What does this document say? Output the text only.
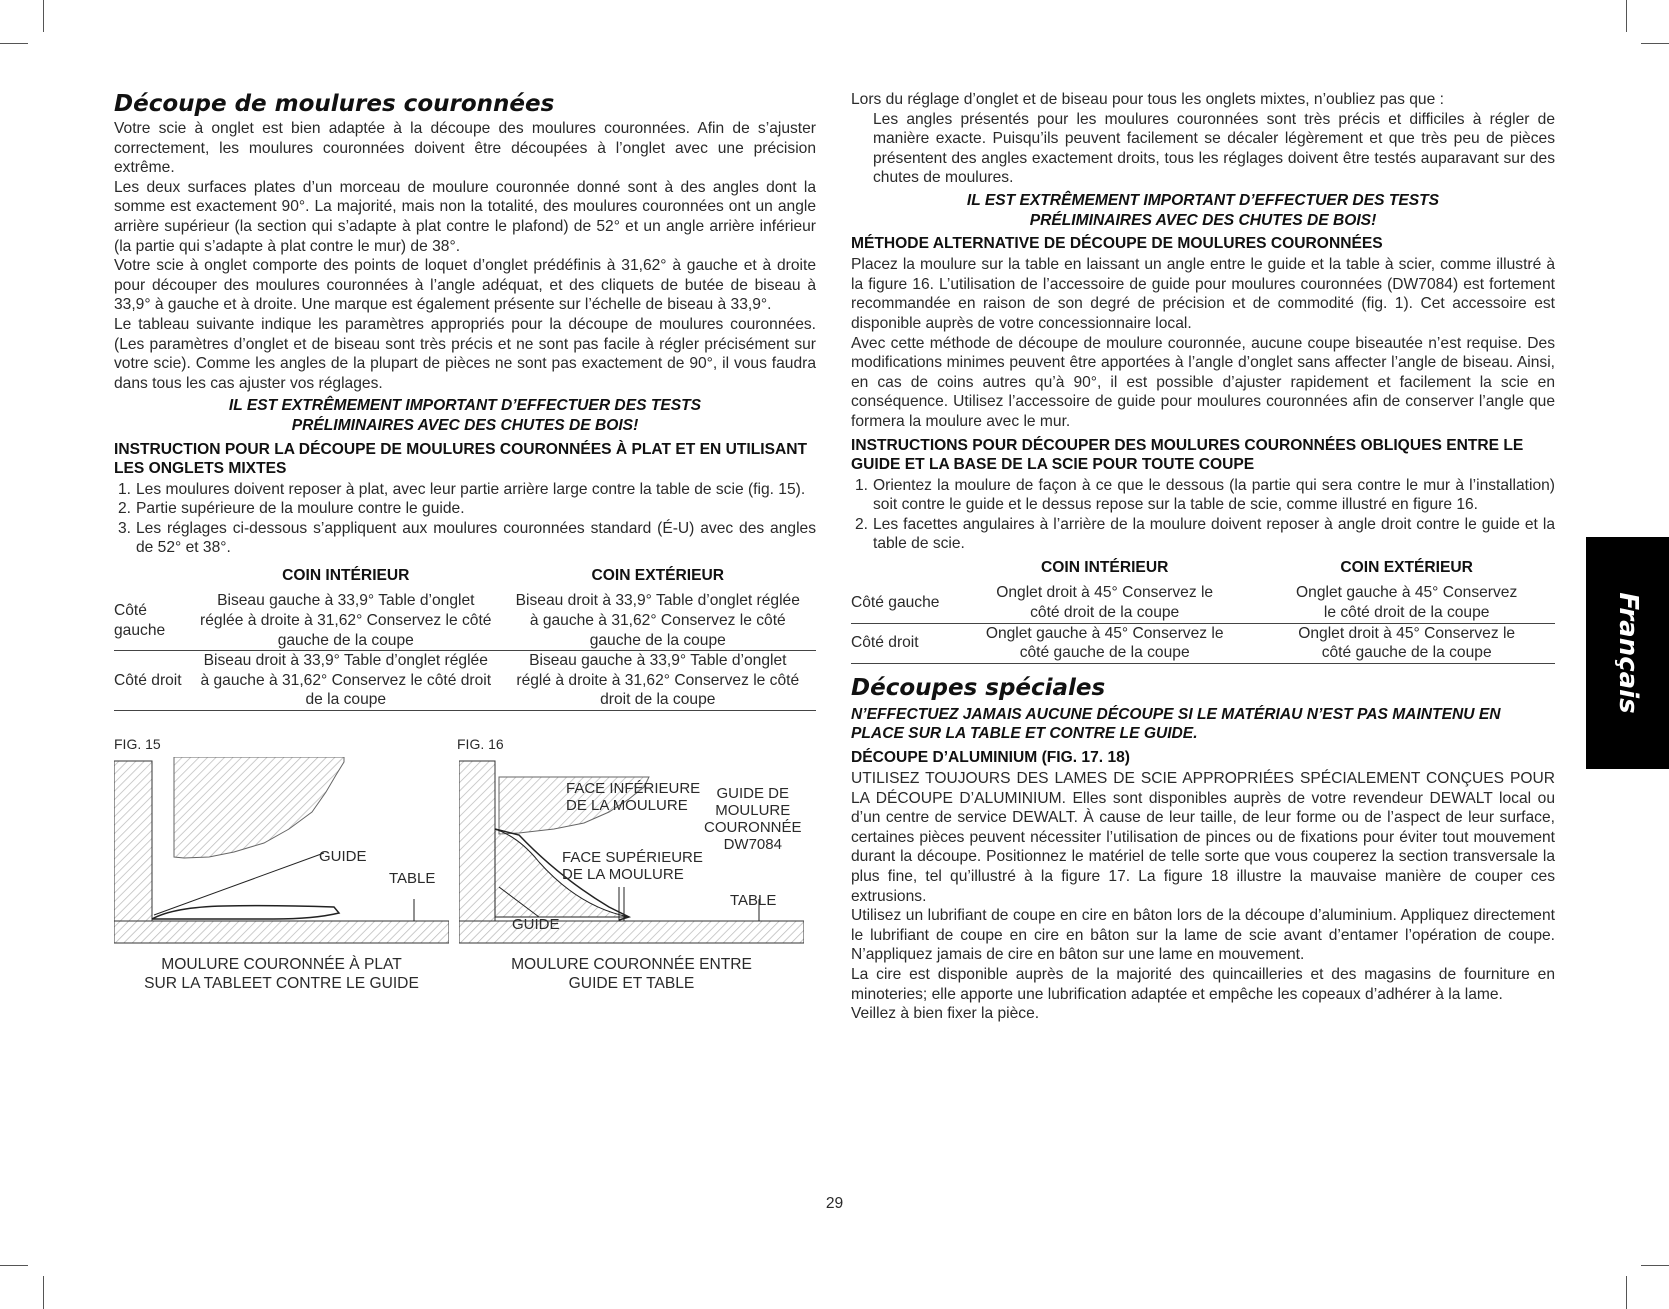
Découpe de moulures couronnées

Votre scie à onglet est bien adaptée à la découpe des moulures couronnées. Afin de s’ajuster correctement, les moulures couronnées doivent être découpées à l’onglet avec une précision extrême.

Les deux surfaces plates d’un morceau de moulure couronnée donné sont à des angles dont la somme est exactement 90°. La majorité, mais non la totalité, des moulures couronnées ont un angle arrière supérieur (la section qui s’adapte à plat contre le plafond) de 52° et un angle arrière inférieur (la partie qui s’adapte à plat contre le mur) de 38°.

Votre scie à onglet comporte des points de loquet d’onglet prédéfinis à 31,62° à gauche et à droite pour découper des moulures couronnées à l’angle adéquat, et des cliquets de butée de biseau à 33,9° à gauche et à droite. Une marque est également présente sur l’échelle de biseau à 33,9°.

Le tableau suivante indique les paramètres appropriés pour la découpe de moulures couronnées. (Les paramètres d’onglet et de biseau sont très précis et ne sont pas facile à régler précisément sur votre scie). Comme les angles de la plupart de pièces ne sont pas exactement de 90°, il vous faudra dans tous les cas ajuster vos réglages.

IL EST EXTRÊMEMENT IMPORTANT D’EFFECTUER DES TESTS
PRÉLIMINAIRES AVEC DES CHUTES DE BOIS!
INSTRUCTION POUR LA DÉCOUPE DE MOULURES COURONNÉES À PLAT ET EN UTILISANT LES ONGLETS MIXTES
1. Les moulures doivent reposer à plat, avec leur partie arrière large contre la table de scie (fig. 15).
2. Partie supérieure de la moulure contre le guide.
3. Les réglages ci-dessous s’appliquent aux moulures couronnées standard (É-U) avec des angles de 52° et 38°.
	COIN INTÉRIEUR	COIN EXTÉRIEUR
Côté gauche	Biseau gauche à 33,9° Table d’onglet réglée à droite à 31,62° Conservez le côté gauche de la coupe	Biseau droit à 33,9° Table d’onglet réglée à gauche à 31,62° Conservez le côté gauche de la coupe
Côté droit	Biseau droit à 33,9° Table d’onglet réglée à gauche à 31,62° Conservez le côté droit de la coupe	Biseau gauche à 33,9° Table d’onglet réglé à droite à 31,62° Conservez le côté droit de la coupe
FIG. 15
GUIDE
TABLE
MOULURE COURONNÉE À PLAT
SUR LA TABLEET CONTRE LE GUIDE
FIG. 16
FACE INFÉRIEURE
DE LA MOULURE
FACE SUPÉRIEURE
DE LA MOULURE
GUIDE DE
MOULURE
COURONNÉE
DW7084
TABLE
GUIDE
MOULURE COURONNÉE ENTRE
GUIDE ET TABLE

Lors du réglage d’onglet et de biseau pour tous les onglets mixtes, n’oubliez pas que :

Les angles présentés pour les moulures couronnées sont très précis et difficiles à régler de manière exacte. Puisqu’ils peuvent facilement se décaler légèrement et que très peu de pièces présentent des angles exactement droits, tous les réglages doivent être testés auparavant sur des chutes de moulures.

IL EST EXTRÊMEMENT IMPORTANT D’EFFECTUER DES TESTS
PRÉLIMINAIRES AVEC DES CHUTES DE BOIS!
MÉTHODE ALTERNATIVE DE DÉCOUPE DE MOULURES COURONNÉES

Placez la moulure sur la table en laissant un angle entre le guide et la table à scier, comme illustré à la figure 16. L’utilisation de l’accessoire de guide pour moulures couronnées (DW7084) est fortement recommandée en raison de son degré de précision et de commodité (fig. 1). Cet accessoire est disponible auprès de votre concessionnaire local.

Avec cette méthode de découpe de moulure couronnée, aucune coupe biseautée n’est requise. Des modifications minimes peuvent être apportées à l’angle d’onglet sans affecter l’angle de biseau. Ainsi, en cas de coins autres qu’à 90°, il est possible d’ajuster rapidement et facilement la scie en conséquence. Utilisez l’accessoire de guide pour moulures couronnées afin de conserver l’angle que formera la moulure avec le mur.

INSTRUCTIONS POUR DÉCOUPER DES MOULURES COURONNÉES OBLIQUES ENTRE LE GUIDE ET LA BASE DE LA SCIE POUR TOUTE COUPE
1. Orientez la moulure de façon à ce que le dessous (la partie qui sera contre le mur à l’installation) soit contre le guide et le dessus repose sur la table de scie, comme illustré en figure 16.
2. Les facettes angulaires à l’arrière de la moulure doivent reposer à angle droit contre le guide et la table de scie.
	COIN INTÉRIEUR	COIN EXTÉRIEUR
Côté gauche	Onglet droit à 45° Conservez le côté droit de la coupe	Onglet gauche à 45° Conservez le côté droit de la coupe
Côté droit	Onglet gauche à 45° Conservez le côté gauche de la coupe	Onglet droit à 45° Conservez le côté gauche de la coupe
Découpes spéciales
N’EFFECTUEZ JAMAIS AUCUNE DÉCOUPE SI LE MATÉRIAU N’EST PAS MAINTENU EN PLACE SUR LA TABLE ET CONTRE LE GUIDE.
DÉCOUPE D’ALUMINIUM (FIG. 17. 18)

UTILISEZ TOUJOURS DES LAMES DE SCIE APPROPRIÉES SPÉCIALEMENT CONÇUES POUR LA DÉCOUPE D’ALUMINIUM. Elles sont disponibles auprès de votre revendeur DEWALT local ou d’un centre de service DEWALT. À cause de leur taille, de leur forme ou de l’aspect de leur surface, certaines pièces peuvent nécessiter l’utilisation de pinces ou de fixations pour éviter tout mouvement durant la découpe. Positionnez le matériel de telle sorte que vous couperez la section transversale la plus fine, tel qu’illustré à la figure 17. La figure 18 illustre la mauvaise manière de couper ces extrusions.

Utilisez un lubrifiant de coupe en cire en bâton lors de la découpe d’aluminium. Appliquez directement le lubrifiant de coupe en cire en bâton sur la lame de scie avant d’entamer l’opération de coupe. N’appliquez jamais de cire en bâton sur une lame en mouvement.

La cire est disponible auprès de la majorité des quincailleries et des magasins de fourniture en minoteries; elle apporte une lubrification adaptée et empêche les copeaux d’adhérer à la lame.

Veillez à bien fixer la pièce.

Français
29
